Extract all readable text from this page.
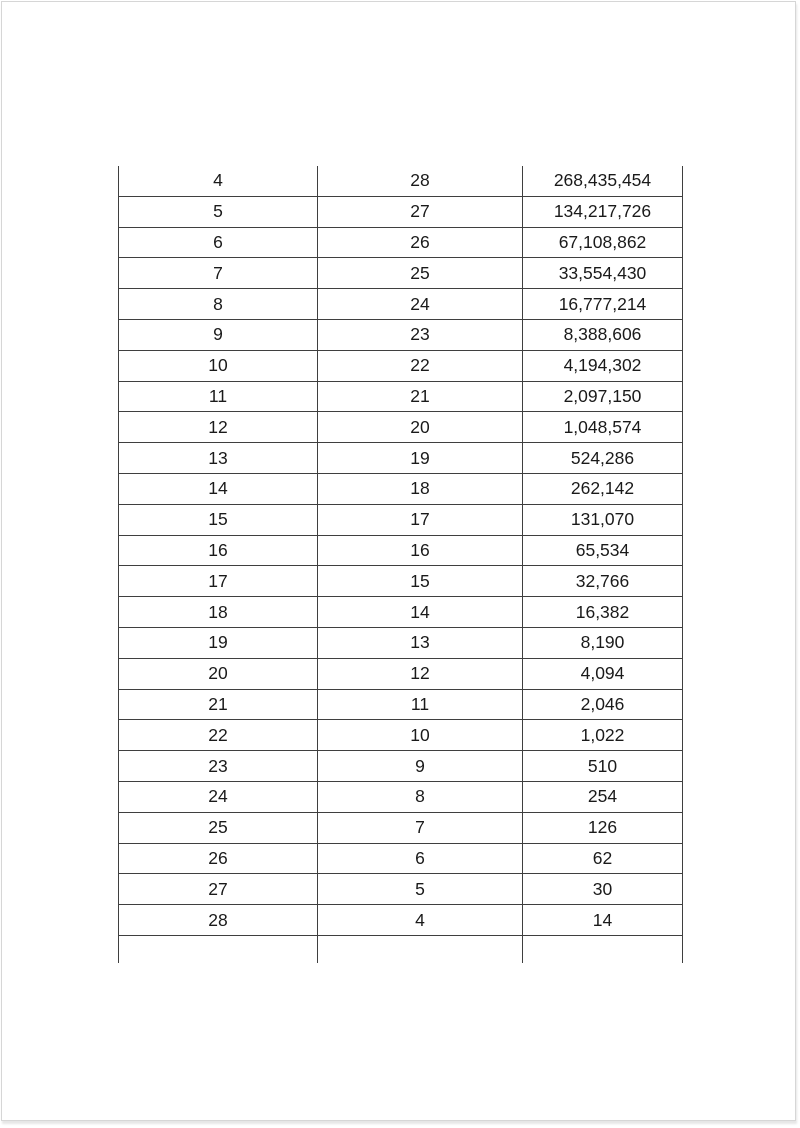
4	28	268,435,454
5	27	134,217,726
6	26	67,108,862
7	25	33,554,430
8	24	16,777,214
9	23	8,388,606
10	22	4,194,302
11	21	2,097,150
12	20	1,048,574
13	19	524,286
14	18	262,142
15	17	131,070
16	16	65,534
17	15	32,766
18	14	16,382
19	13	8,190
20	12	4,094
21	11	2,046
22	10	1,022
23	9	510
24	8	254
25	7	126
26	6	62
27	5	30
28	4	14
